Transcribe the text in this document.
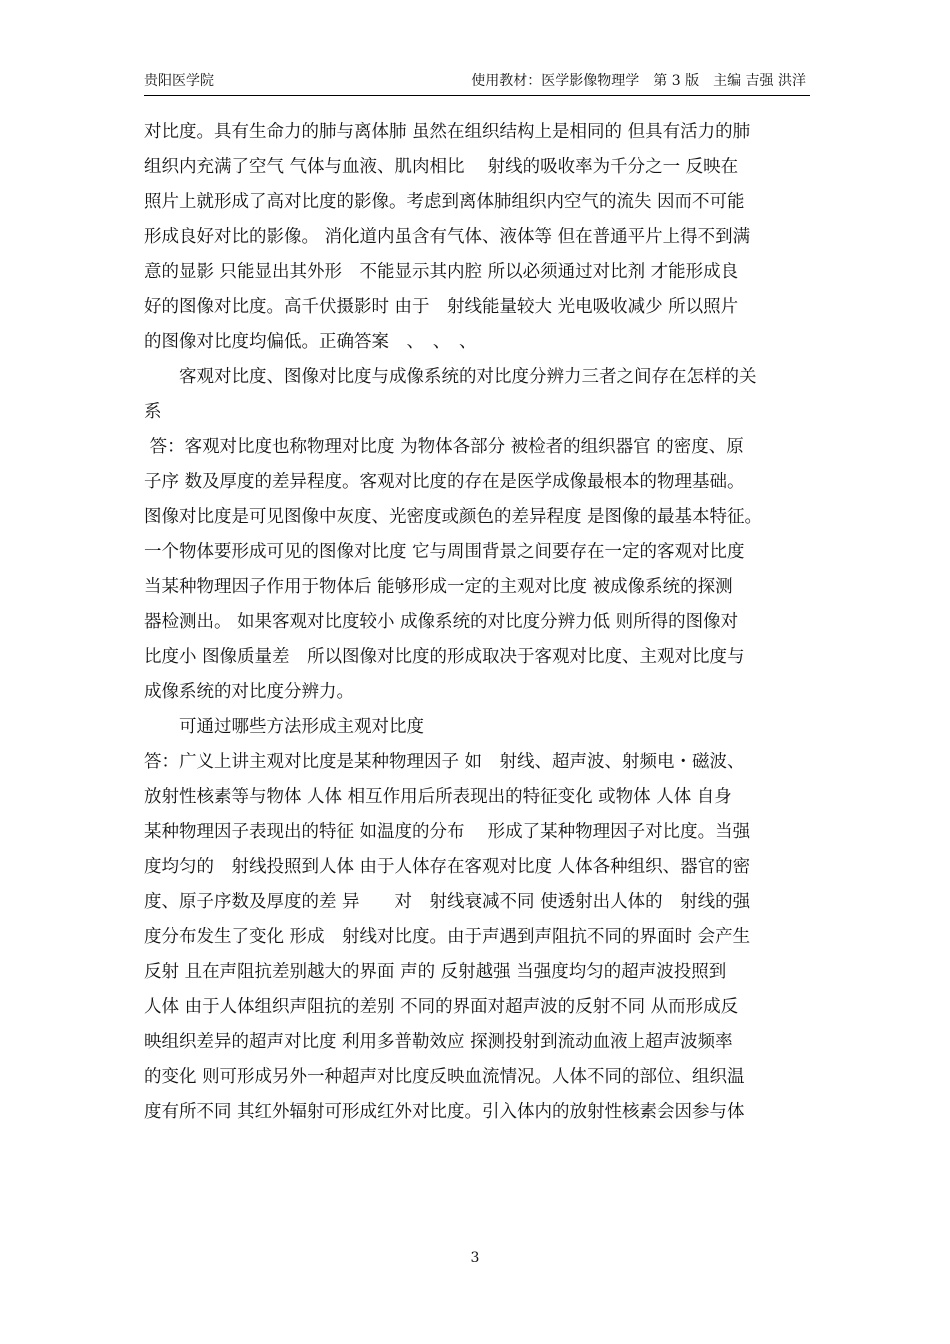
贵阳医学院	使用教材：医学影像物理学　第 3 版　主编 吉强 洪洋
对比度。具有生命力的肺与离体肺 虽然在组织结构上是相同的 但具有活力的肺
组织内充满了空气 气体与血液、肌肉相比　 射线的吸收率为千分之一 反映在
照片上就形成了高对比度的影像。考虑到离体肺组织内空气的流失 因而不可能
形成良好对比的影像。 消化道内虽含有气体、液体等 但在普通平片上得不到满
意的显影 只能显出其外形　不能显示其内腔 所以必须通过对比剂 才能形成良
好的图像对比度。高千伏摄影时 由于　射线能量较大 光电吸收减少 所以照片
的图像对比度均偏低。正确答案　、　、　、
　　客观对比度、图像对比度与成像系统的对比度分辨力三者之间存在怎样的关
系
答：客观对比度也称物理对比度 为物体各部分 被检者的组织器官 的密度、原
子序 数及厚度的差异程度。客观对比度的存在是医学成像最根本的物理基础。
图像对比度是可见图像中灰度、光密度或颜色的差异程度 是图像的最基本特征。
一个物体要形成可见的图像对比度 它与周围背景之间要存在一定的客观对比度
当某种物理因子作用于物体后 能够形成一定的主观对比度 被成像系统的探测
器检测出。 如果客观对比度较小 成像系统的对比度分辨力低 则所得的图像对
比度小 图像质量差　所以图像对比度的形成取决于客观对比度、主观对比度与
成像系统的对比度分辨力。
　　可通过哪些方法形成主观对比度
答：广义上讲主观对比度是某种物理因子 如　射线、超声波、射频电・磁波、
放射性核素等与物体 人体 相互作用后所表现出的特征变化 或物体 人体 自身
某种物理因子表现出的特征 如温度的分布　 形成了某种物理因子对比度。当强
度均匀的　射线投照到人体 由于人体存在客观对比度 人体各种组织、器官的密
度、原子序数及厚度的差 异　　对　射线衰减不同 使透射出人体的　射线的强
度分布发生了变化 形成　射线对比度。由于声遇到声阻抗不同的界面时 会产生
反射 且在声阻抗差别越大的界面 声的 反射越强 当强度均匀的超声波投照到
人体 由于人体组织声阻抗的差别 不同的界面对超声波的反射不同 从而形成反
映组织差异的超声对比度 利用多普勒效应 探测投射到流动血液上超声波频率
的变化 则可形成另外一种超声对比度反映血流情况。人体不同的部位、组织温
度有所不同 其红外辐射可形成红外对比度。引入体内的放射性核素会因参与体
3
